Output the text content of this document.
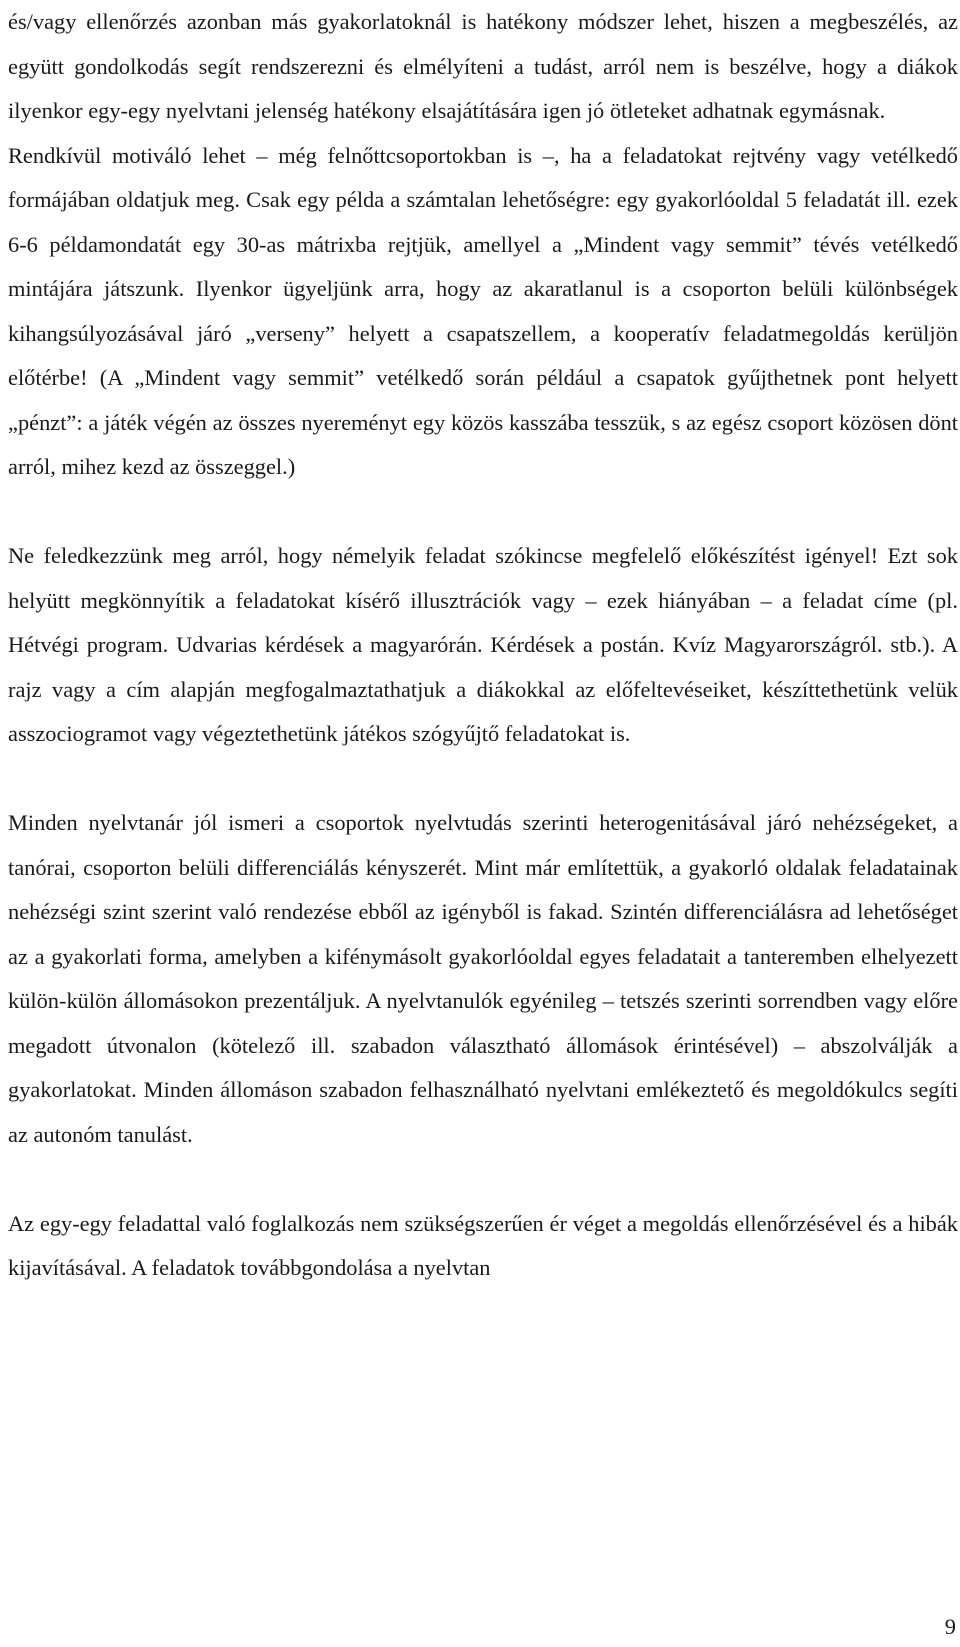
és/vagy ellenőrzés azonban más gyakorlatoknál is hatékony módszer lehet, hiszen a megbeszélés, az együtt gondolkodás segít rendszerezni és elmélyíteni a tudást, arról nem is beszélve, hogy a diákok ilyenkor egy-egy nyelvtani jelenség hatékony elsajátítására igen jó ötleteket adhatnak egymásnak.

Rendkívül motiváló lehet – még felnőttcsoportokban is –, ha a feladatokat rejtvény vagy vetélkedő formájában oldatjuk meg. Csak egy példa a számtalan lehetőségre: egy gyakorlóoldal 5 feladatát ill. ezek 6-6 példamondatát egy 30-as mátrixba rejtjük, amellyel a „Mindent vagy semmit” tévés vetélkedő mintájára játszunk. Ilyenkor ügyeljünk arra, hogy az akaratlanul is a csoporton belüli különbségek kihangsúlyozásával járó „verseny” helyett a csapatszellem, a kooperatív feladatmegoldás kerüljön előtérbe! (A „Mindent vagy semmit” vetélkedő során például a csapatok gyűjthetnek pont helyett „pénzt”: a játék végén az összes nyereményt egy közös kasszába tesszük, s az egész csoport közösen dönt arról, mihez kezd az összeggel.)

Ne feledkezzünk meg arról, hogy némelyik feladat szókincse megfelelő előkészítést igényel! Ezt sok helyütt megkönnyítik a feladatokat kísérő illusztrációk vagy – ezek hiányában – a feladat címe (pl. Hétvégi program. Udvarias kérdések a magyarórán. Kérdések a postán. Kvíz Magyarországról. stb.). A rajz vagy a cím alapján megfogalmaztathatjuk a diákokkal az előfeltevéseiket, készíttethetünk velük asszociogramot vagy végeztethetünk játékos szógyűjtő feladatokat is.

Minden nyelvtanár jól ismeri a csoportok nyelvtudás szerinti heterogenitásával járó nehézségeket, a tanórai, csoporton belüli differenciálás kényszerét. Mint már említettük, a gyakorló oldalak feladatainak nehézségi szint szerint való rendezése ebből az igényből is fakad. Szintén differenciálásra ad lehetőséget az a gyakorlati forma, amelyben a kifénymásolt gyakorlóoldal egyes feladatait a tanteremben elhelyezett külön-külön állomásokon prezentáljuk. A nyelvtanulók egyénileg – tetszés szerinti sorrendben vagy előre megadott útvonalon (kötelező ill. szabadon választható állomások érintésével) – abszolválják a gyakorlatokat. Minden állomáson szabadon felhasználható nyelvtani emlékeztető és megoldókulcs segíti az autonóm tanulást.

Az egy-egy feladattal való foglalkozás nem szükségszerűen ér véget a megoldás ellenőrzésével és a hibák kijavításával. A feladatok továbbgondolása a nyelvtan

9
